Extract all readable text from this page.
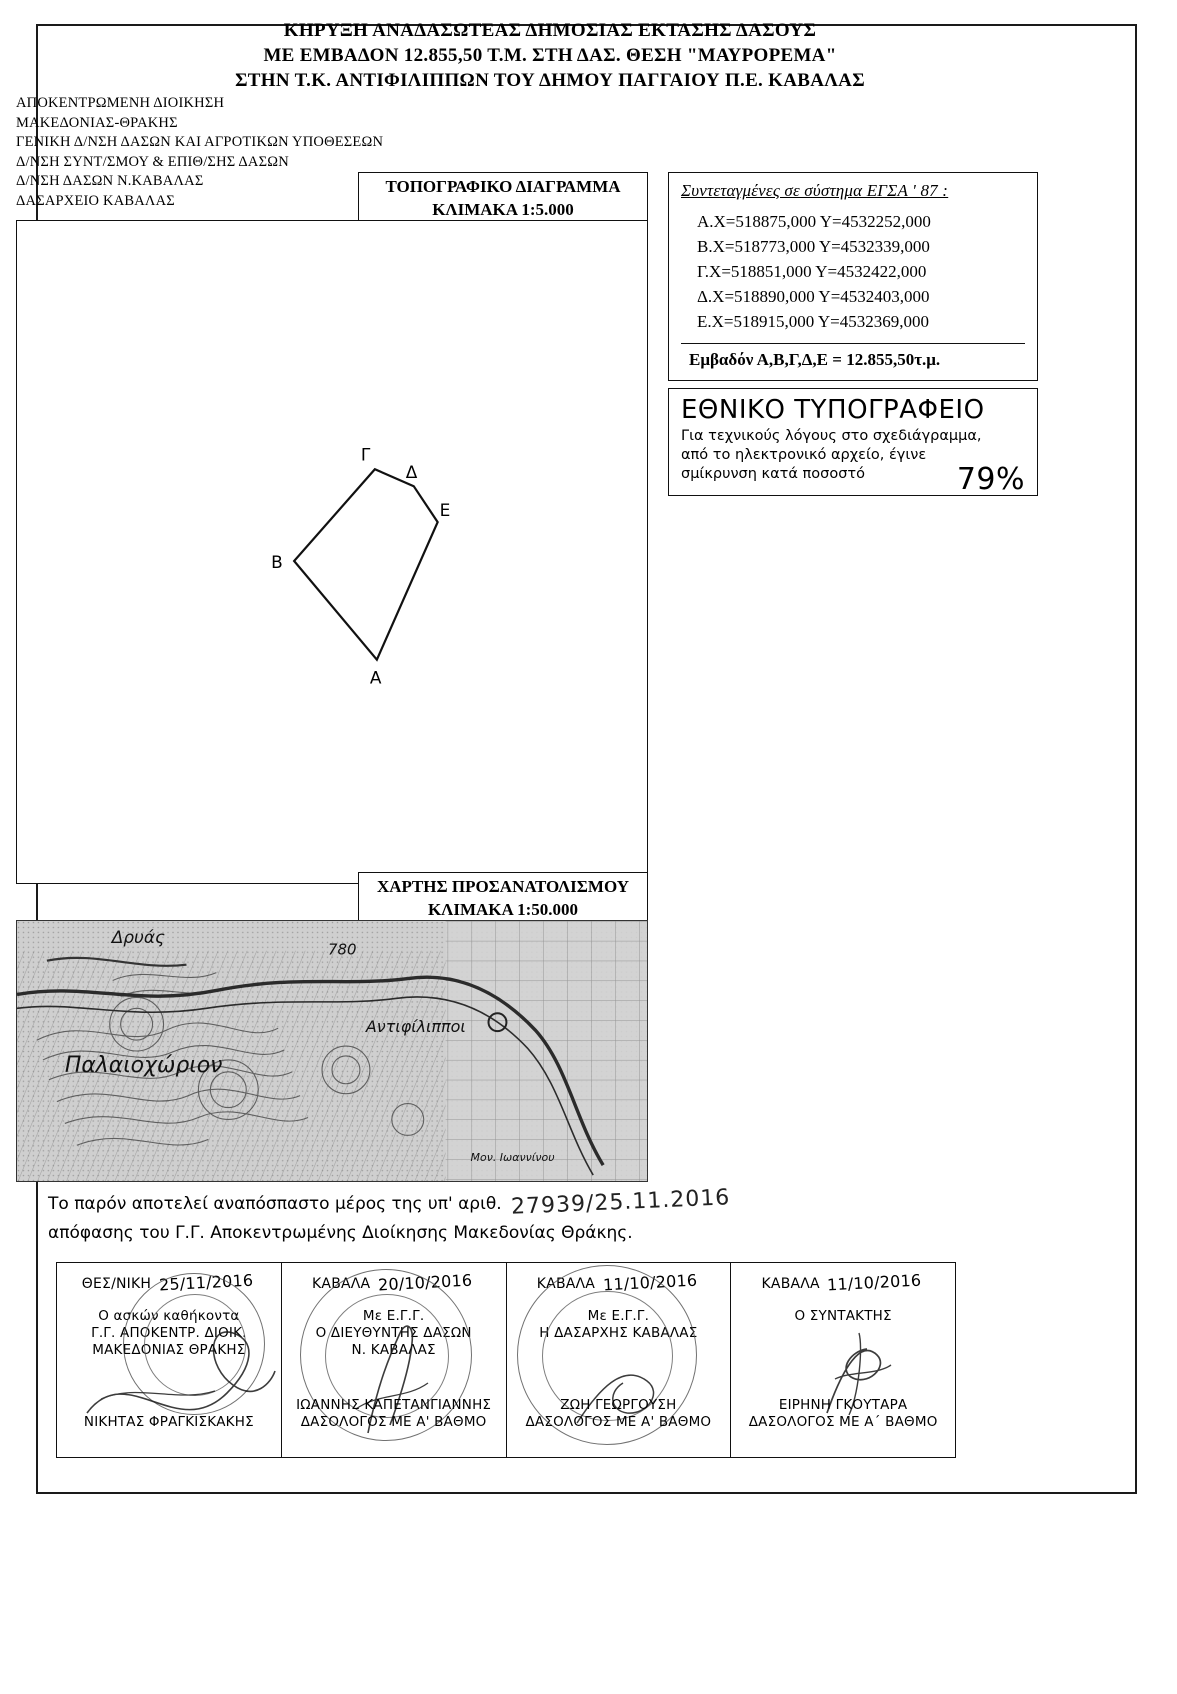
ΚΗΡΥΞΗ ΑΝΑΔΑΣΩΤΕΑΣ ΔΗΜΟΣΙΑΣ ΕΚΤΑΣΗΣ ΔΑΣΟΥΣ
ΜΕ ΕΜΒΑΔΟΝ 12.855,50 Τ.Μ. ΣΤΗ ΔΑΣ. ΘΕΣΗ "ΜΑΥΡΟΡΕΜΑ"
ΣΤΗΝ Τ.Κ. ΑΝΤΙΦΙΛΙΠΠΩΝ ΤΟΥ ΔΗΜΟΥ ΠΑΓΓΑΙΟΥ Π.Ε. ΚΑΒΑΛΑΣ
ΑΠΟΚΕΝΤΡΩΜΕΝΗ ΔΙΟΙΚΗΣΗ
ΜΑΚΕΔΟΝΙΑΣ-ΘΡΑΚΗΣ
ΓΕΝΙΚΗ Δ/ΝΣΗ ΔΑΣΩΝ ΚΑΙ ΑΓΡΟΤΙΚΩΝ ΥΠΟΘΕΣΕΩΝ
Δ/ΝΣΗ ΣΥΝΤ/ΣΜΟΥ & ΕΠΙΘ/ΣΗΣ ΔΑΣΩΝ
Δ/ΝΣΗ ΔΑΣΩΝ Ν.ΚΑΒΑΛΑΣ
ΔΑΣΑΡΧΕΙΟ ΚΑΒΑΛΑΣ
ΤΟΠΟΓΡΑΦΙΚΟ ΔΙΑΓΡΑΜΜΑ
ΚΛΙΜΑΚΑ 1:5.000
Α
Β
Γ
Δ
Ε
Συντεταγμένες σε σύστημα ΕΓΣΑ ' 87 :
Α.Χ=518875,000 Υ=4532252,000
Β.Χ=518773,000 Υ=4532339,000
Γ.Χ=518851,000 Υ=4532422,000
Δ.Χ=518890,000 Υ=4532403,000
Ε.Χ=518915,000 Υ=4532369,000
Εμβαδόν Α,Β,Γ,Δ,Ε = 12.855,50τ.μ.
ΕΘΝΙΚΟ ΤΥΠΟΓΡΑΦΕΙΟ
Για τεχνικούς λόγους στο σχεδιάγραμμα,
από το ηλεκτρονικό αρχείο, έγινε
σμίκρυνση κατά ποσοστό	79%
ΧΑΡΤΗΣ ΠΡΟΣΑΝΑΤΟΛΙΣΜΟΥ
ΚΛΙΜΑΚΑ 1:50.000
Δρυάς
780
Αντιφίλιπποι
Παλαιοχώριον
Μον. Ιωαννίνου
Το παρόν αποτελεί αναπόσπαστο μέρος της υπ' αριθ. 27939/25.11.2016
απόφασης του Γ.Γ. Αποκεντρωμένης Διοίκησης Μακεδονίας Θράκης.
ΘΕΣ/ΝΙΚΗ 25/11/2016
Ο ασκών καθήκοντα
Γ.Γ. ΑΠΟΚΕΝΤΡ. ΔΙΟΙΚ.
ΜΑΚΕΔΟΝΙΑΣ ΘΡΑΚΗΣ
ΝΙΚΗΤΑΣ ΦΡΑΓΚΙΣΚΑΚΗΣ
ΚΑΒΑΛΑ 20/10/2016
Με Ε.Γ.Γ.
Ο ΔΙΕΥΘΥΝΤΗΣ ΔΑΣΩΝ
Ν. ΚΑΒΑΛΑΣ
ΙΩΑΝΝΗΣ ΚΑΠΕΤΑΝΓΙΑΝΝΗΣ
ΔΑΣΟΛΟΓΟΣ ΜΕ Α' ΒΑΘΜΟ
ΚΑΒΑΛΑ 11/10/2016
Με Ε.Γ.Γ.
Η ΔΑΣΑΡΧΗΣ ΚΑΒΑΛΑΣ
ΖΩΗ ΓΕΩΡΓΟΥΣΗ
ΔΑΣΟΛΟΓΟΣ ΜΕ Α' ΒΑΘΜΟ
ΚΑΒΑΛΑ 11/10/2016
Ο ΣΥΝΤΑΚΤΗΣ
ΕΙΡΗΝΗ ΓΚΟΥΤΑΡΑ
ΔΑΣΟΛΟΓΟΣ ΜΕ Α´ ΒΑΘΜΟ
